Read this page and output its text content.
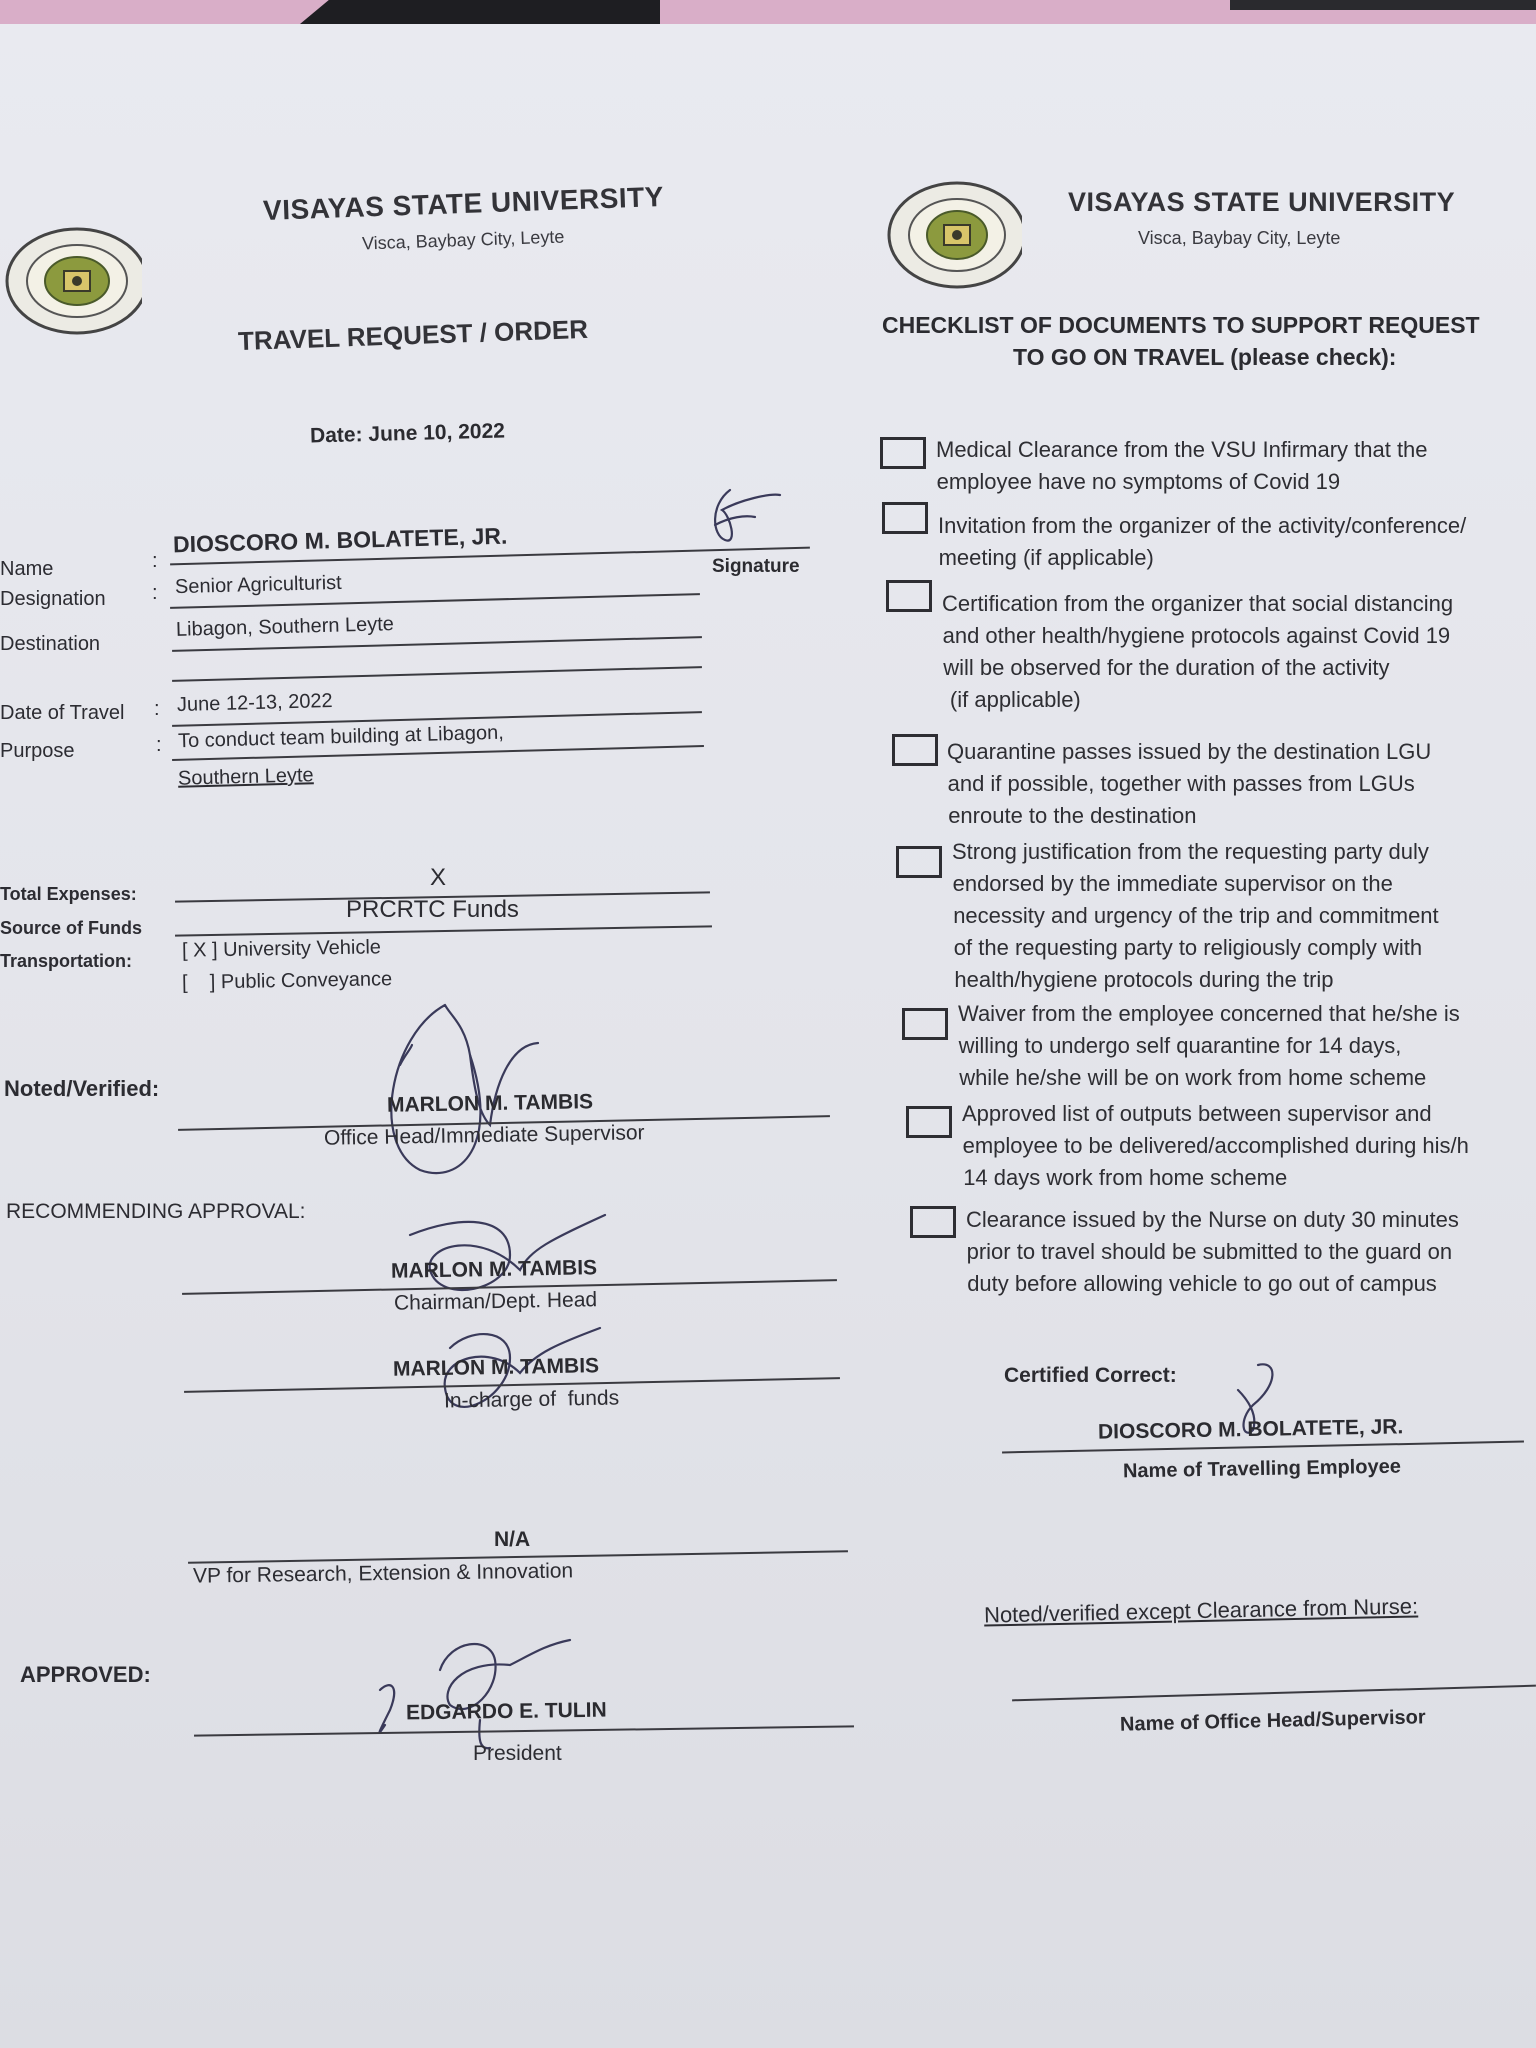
VISAYAS STATE UNIVERSITY
Visca, Baybay City, Leyte
TRAVEL REQUEST / ORDER
Date: June 10, 2022
Name	:
DIOSCORO M. BOLATETE, JR.
Signature
Designation : Senior Agriculturist
Destination
Libagon, Southern Leyte
Date of Travel : June 12-13, 2022
Purpose	: To conduct team building at Libagon,
Southern Leyte
Total Expenses:
X
Source of Funds
PRCRTC Funds
Transportation: [ X ] University Vehicle
[    ] Public Conveyance
Noted/Verified:
MARLON M. TAMBIS
Office Head/Immediate Supervisor
RECOMMENDING APPROVAL:
MARLON M. TAMBIS
Chairman/Dept. Head
MARLON M. TAMBIS
In-charge of  funds
N/A
VP for Research, Extension & Innovation
APPROVED:
EDGARDO E. TULIN
President
VISAYAS STATE UNIVERSITY
Visca, Baybay City, Leyte
CHECKLIST OF DOCUMENTS TO SUPPORT REQUEST
TO GO ON TRAVEL (please check):
Medical Clearance from the VSU Infirmary that the
employee have no symptoms of Covid 19
Invitation from the organizer of the activity/conference/
meeting (if applicable)
Certification from the organizer that social distancing
and other health/hygiene protocols against Covid 19
will be observed for the duration of the activity
(if applicable)
Quarantine passes issued by the destination LGU
and if possible, together with passes from LGUs
enroute to the destination
Strong justification from the requesting party duly
endorsed by the immediate supervisor on the
necessity and urgency of the trip and commitment
of the requesting party to religiously comply with
health/hygiene protocols during the trip
Waiver from the employee concerned that he/she is
willing to undergo self quarantine for 14 days,
while he/she will be on work from home scheme
Approved list of outputs between supervisor and
employee to be delivered/accomplished during his/h
14 days work from home scheme
Clearance issued by the Nurse on duty 30 minutes
prior to travel should be submitted to the guard on
duty before allowing vehicle to go out of campus
Certified Correct:
DIOSCORO M. BOLATETE, JR.
Name of Travelling Employee
Noted/verified except Clearance from Nurse:
Name of Office Head/Supervisor
